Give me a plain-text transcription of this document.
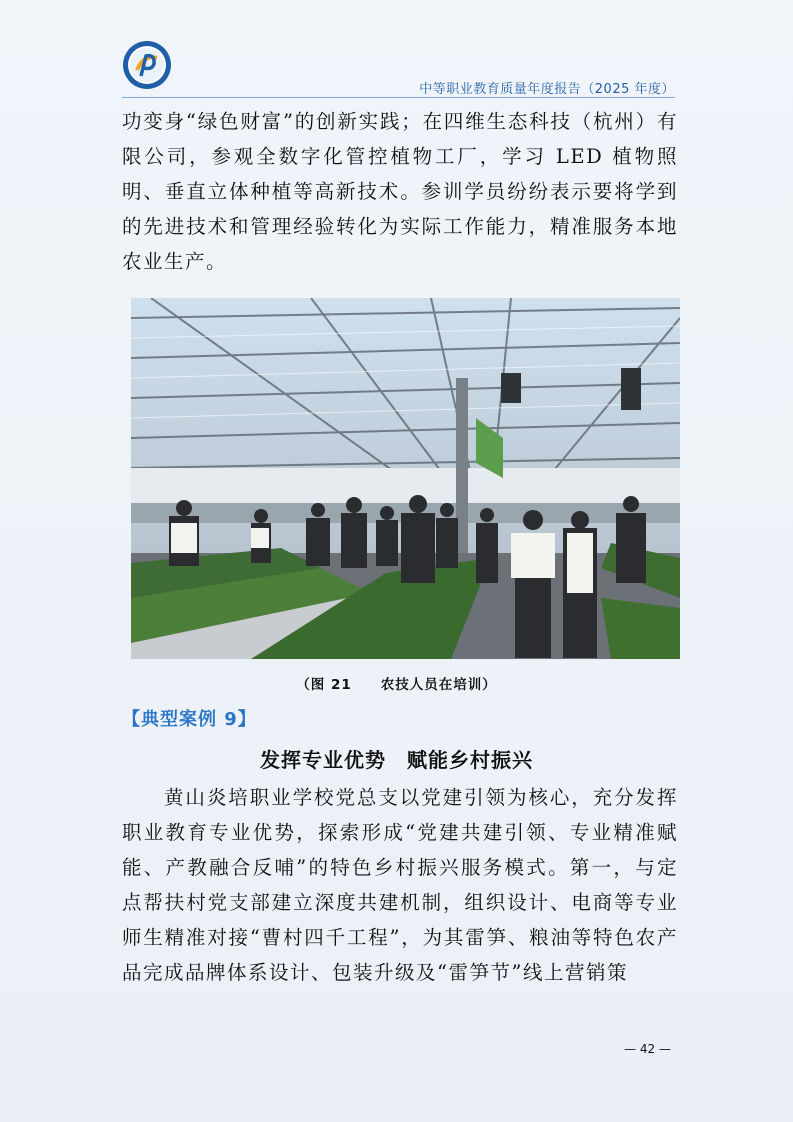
中等职业教育质量年度报告（2025 年度）
功变身“绿色财富”的创新实践；在四维生态科技（杭州）有限公司，参观全数字化管控植物工厂，学习 LED 植物照明、垂直立体种植等高新技术。参训学员纷纷表示要将学到的先进技术和管理经验转化为实际工作能力，精准服务本地农业生产。
（图 21　　农技人员在培训）
【典型案例 9】
发挥专业优势　赋能乡村振兴
黄山炎培职业学校党总支以党建引领为核心，充分发挥职业教育专业优势，探索形成“党建共建引领、专业精准赋能、产教融合反哺”的特色乡村振兴服务模式。第一，与定点帮扶村党支部建立深度共建机制，组织设计、电商等专业师生精准对接“曹村四千工程”，为其雷笋、粮油等特色农产品完成品牌体系设计、包装升级及“雷笋节”线上营销策
— 42 —
